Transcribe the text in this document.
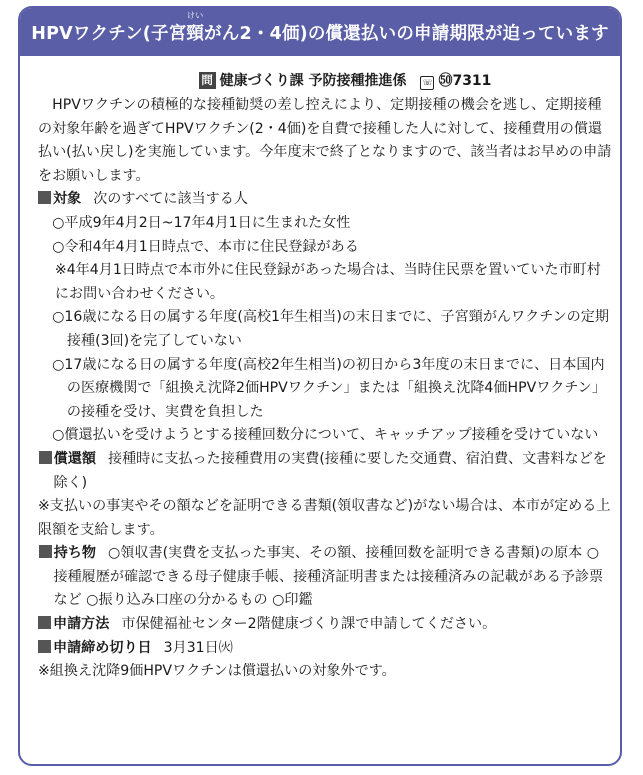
HPVワクチン(子宮
けい
頸 がん2・4価)の償還払いの申請期限が迫っています
問 健康づくり課 予防接種推進係 ☏ ㊿7311

HPVワクチンの積極的な接種勧奨の差し控えにより、定期接種の機会を逃し、定期接種の対象年齢を過ぎてHPVワクチン(2・4価)を自費で接種した人に対して、接種費用の償還払い(払い戻し)を実施しています。今年度末で終了となりますので、該当者はお早めの申請をお願いします。

対象 次のすべてに該当する人

○平成9年4月2日~17年4月1日に生まれた女性

○令和4年4月1日時点で、本市に住民登録がある

※4年4月1日時点で本市外に住民登録があった場合は、当時住民票を置いていた市町村にお問い合わせください。

○16歳になる日の属する年度(高校1年生相当)の末日までに、子宮頸がんワクチンの定期接種(3回)を完了していない

○17歳になる日の属する年度(高校2年生相当)の初日から3年度の末日までに、日本国内の医療機関で「組換え沈降2価HPVワクチン」または「組換え沈降4価HPVワクチン」の接種を受け、実費を負担した

○償還払いを受けようとする接種回数分について、キャッチアップ接種を受けていない

償還額 接種時に支払った接種費用の実費(接種に要した交通費、宿泊費、文書料などを除く)

※支払いの事実やその額などを証明できる書類(領収書など)がない場合は、本市が定める上限額を支給します。

持ち物 ○領収書(実費を支払った事実、その額、接種回数を証明できる書類)の原本 ○接種履歴が確認できる母子健康手帳、接種済証明書または接種済みの記載がある予診票など ○振り込み口座の分かるもの ○印鑑

申請方法 市保健福祉センター2階健康づくり課で申請してください。

申請締め切り日 3月31日㈫

※組換え沈降9価HPVワクチンは償還払いの対象外です。
